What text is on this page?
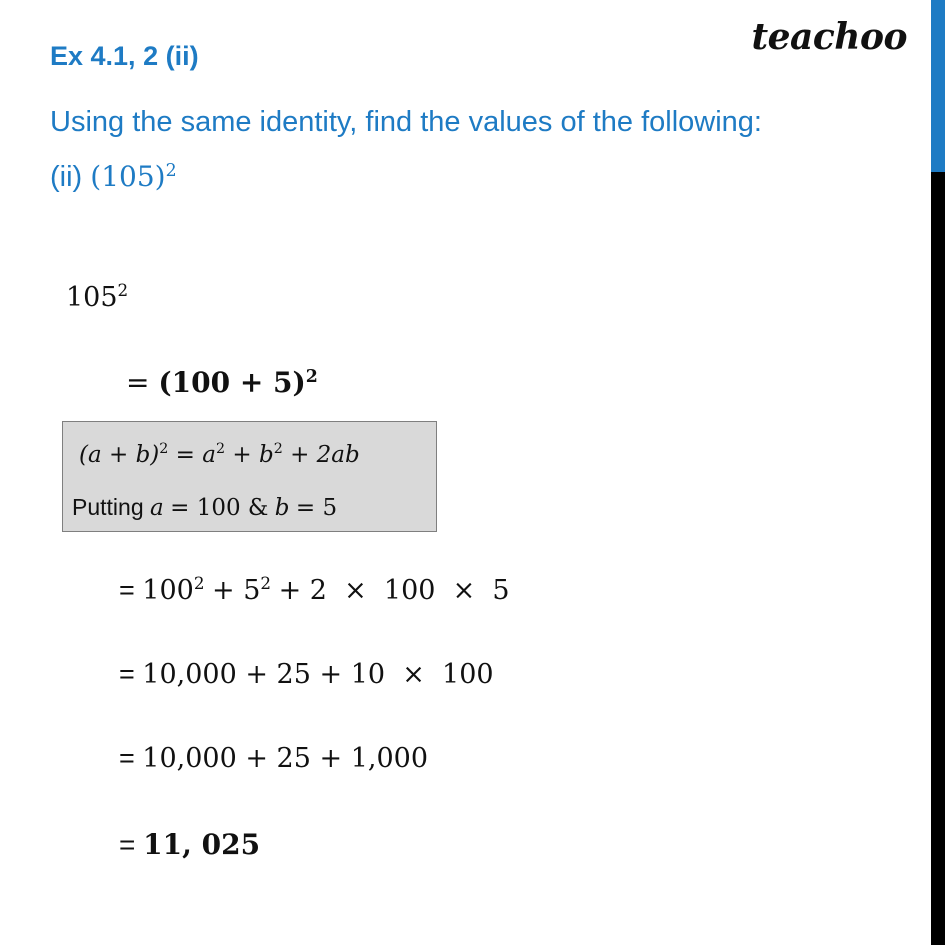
Ex 4.1, 2 (ii)	teachoo
Using the same identity, find the values of the following:
(ii) $(105)^2$
$105^2$
= $(100 + 5)^2$
$(a + b)^2 = a^2 + b^2 + 2ab$
Putting a = 100 & b = 5
= $100^2 + 5^2 + 2 \times 100 \times 5$
= 10,000 + 25 + 10  ×  100
= 10,000 + 25 + 1,000
= 11, 025
